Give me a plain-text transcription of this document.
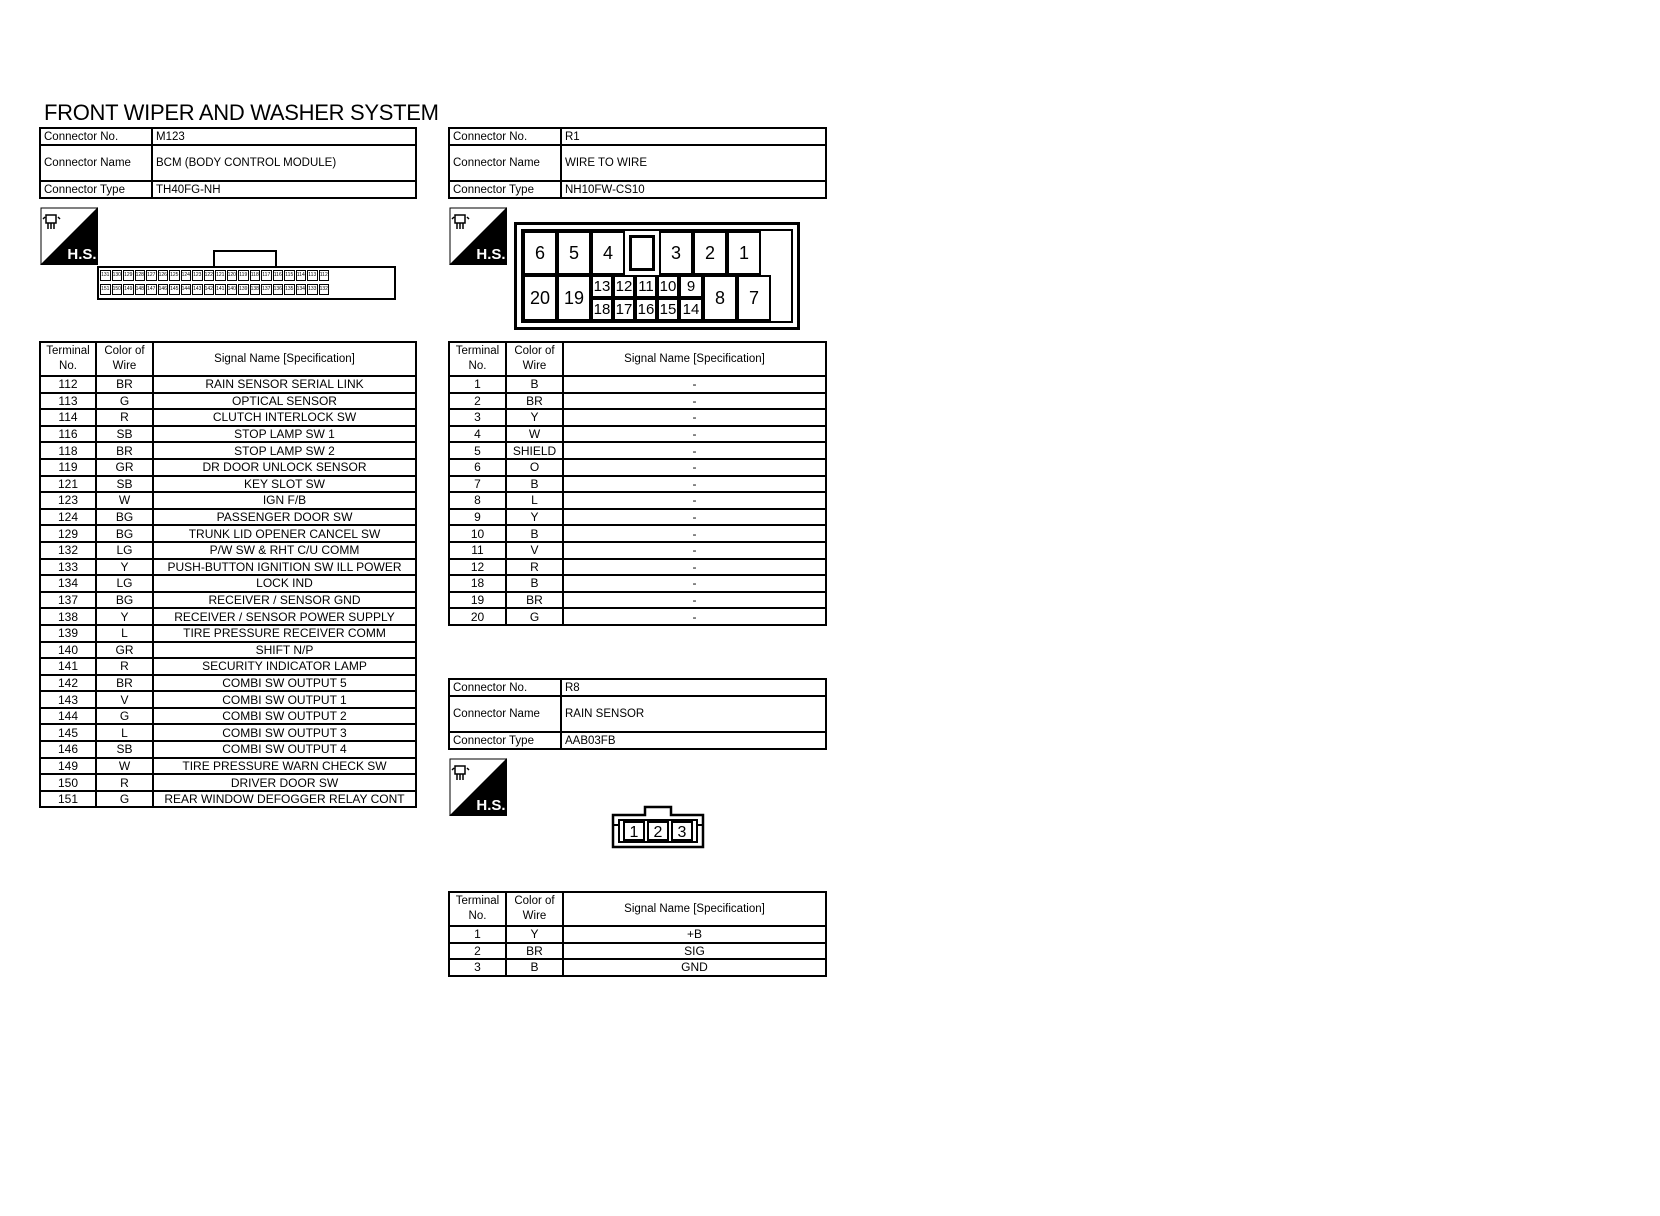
FRONT WIPER AND WASHER SYSTEM
Connector No.	M123
Connector Name	BCM (BODY CONTROL MODULE)
Connector Type	TH40FG-NH
H.S.
131 130 129 128 127 126 125 124 123 122 121 120 119 118 117 116 115 114 113 112
151 150 149 148 147 146 145 144 143 142 141 140 139 138 137 136 135 134 133 132
Terminal No.	Color of Wire	Signal Name [Specification]
112	BR	RAIN SENSOR SERIAL LINK
113	G	OPTICAL SENSOR
114	R	CLUTCH INTERLOCK SW
116	SB	STOP LAMP SW 1
118	BR	STOP LAMP SW 2
119	GR	DR DOOR UNLOCK SENSOR
121	SB	KEY SLOT SW
123	W	IGN F/B
124	BG	PASSENGER DOOR SW
129	BG	TRUNK LID OPENER CANCEL SW
132	LG	P/W SW & RHT C/U COMM
133	Y	PUSH-BUTTON IGNITION SW ILL POWER
134	LG	LOCK IND
137	BG	RECEIVER / SENSOR GND
138	Y	RECEIVER / SENSOR POWER SUPPLY
139	L	TIRE PRESSURE RECEIVER COMM
140	GR	SHIFT N/P
141	R	SECURITY INDICATOR LAMP
142	BR	COMBI SW OUTPUT 5
143	V	COMBI SW OUTPUT 1
144	G	COMBI SW OUTPUT 2
145	L	COMBI SW OUTPUT 3
146	SB	COMBI SW OUTPUT 4
149	W	TIRE PRESSURE WARN CHECK SW
150	R	DRIVER DOOR SW
151	G	REAR WINDOW DEFOGGER RELAY CONT
Connector No.	R1
Connector Name	WIRE TO WIRE
Connector Type	NH10FW-CS10
H.S.	6	5	4	3	2	1
20 19
13 12 11 10 9
8	7
18 17 16 15 14
Terminal No.	Color of Wire	Signal Name [Specification]
1	B	-
2	BR	-
3	Y	-
4	W	-
5	SHIELD	-
6	O	-
7	B	-
8	L	-
9	Y	-
10	B	-
11	V	-
12	R	-
18	B	-
19	BR	-
20	G	-
Connector No.	R8
Connector Name	RAIN SENSOR
Connector Type	AAB03FB
H.S.
1 2 3
Terminal No.	Color of Wire	Signal Name [Specification]
1	Y	+B
2	BR	SIG
3	B	GND
